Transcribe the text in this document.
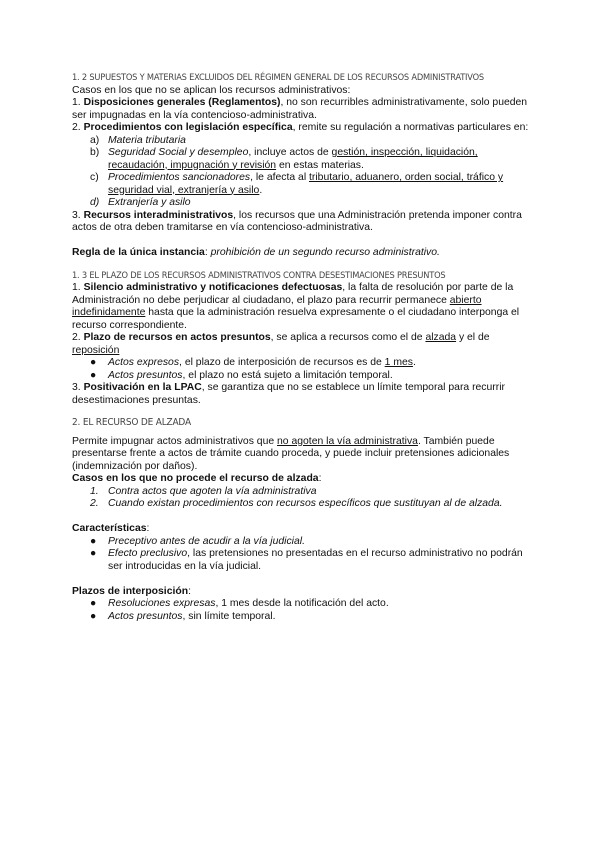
1. 2 SUPUESTOS Y MATERIAS EXCLUIDOS DEL RÉGIMEN GENERAL DE LOS RECURSOS ADMINISTRATIVOS

Casos en los que no se aplican los recursos administrativos:

1. Disposiciones generales (Reglamentos), no son recurribles administrativamente, solo pueden ser impugnadas en la vía contencioso-administrativa.

2. Procedimientos con legislación específica, remite su regulación a normativas particulares en:

a) Materia tributaria
b) Seguridad Social y desempleo, incluye actos de gestión, inspección, liquidación, recaudación, impugnación y revisión en estas materias.
c) Procedimientos sancionadores, le afecta al tributario, aduanero, orden social, tráfico y seguridad vial, extranjería y asilo.
d) Extranjería y asilo

3. Recursos interadministrativos, los recursos que una Administración pretenda imponer contra actos de otra deben tramitarse en vía contencioso-administrativa.

Regla de la única instancia: prohibición de un segundo recurso administrativo.

1. 3 EL PLAZO DE LOS RECURSOS ADMINISTRATIVOS CONTRA DESESTIMACIONES PRESUNTOS

1. Silencio administrativo y notificaciones defectuosas, la falta de resolución por parte de la Administración no debe perjudicar al ciudadano, el plazo para recurrir permanece abierto indefinidamente hasta que la administración resuelva expresamente o el ciudadano interponga el recurso correspondiente.

2. Plazo de recursos en actos presuntos, se aplica a recursos como el de alzada y el de reposición

● Actos expresos, el plazo de interposición de recursos es de 1 mes.
● Actos presuntos, el plazo no está sujeto a limitación temporal.

3. Positivación en la LPAC, se garantiza que no se establece un límite temporal para recurrir desestimaciones presuntas.

2. EL RECURSO DE ALZADA

Permite impugnar actos administrativos que no agoten la vía administrativa. También puede presentarse frente a actos de trámite cuando proceda, y puede incluir pretensiones adicionales (indemnización por daños).

Casos en los que no procede el recurso de alzada:

1. Contra actos que agoten la vía administrativa
2. Cuando existan procedimientos con recursos específicos que sustituyan al de alzada.

Características:

● Preceptivo antes de acudir a la vía judicial.
● Efecto preclusivo, las pretensiones no presentadas en el recurso administrativo no podrán ser introducidas en la vía judicial.

Plazos de interposición:

● Resoluciones expresas, 1 mes desde la notificación del acto.
● Actos presuntos, sin límite temporal.
